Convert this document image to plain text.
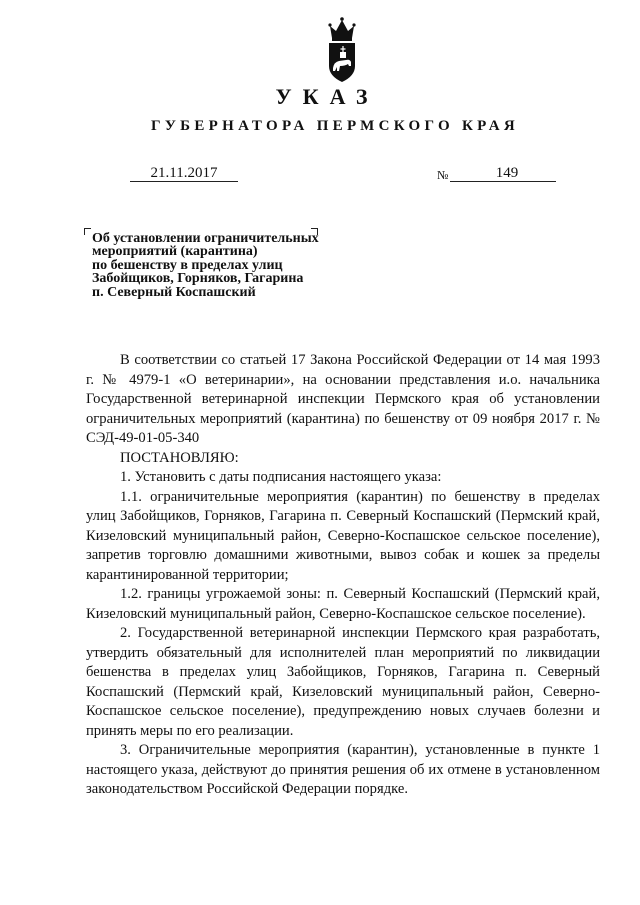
УКАЗ
ГУБЕРНАТОРА ПЕРМСКОГО КРАЯ
21.11.2017	№	149
Об установлении ограничительных
мероприятий (карантина)
по бешенству в пределах улиц
Забойщиков, Горняков, Гагарина
п. Северный Коспашский

В соответствии со статьей 17 Закона Российской Федерации от 14 мая 1993 г. № 4979-1 «О ветеринарии», на основании представления и.о. начальника Государственной ветеринарной инспекции Пермского края об установлении ограничительных мероприятий (карантина) по бешенству от 09 ноября 2017 г. № СЭД-49-01-05-340

ПОСТАНОВЛЯЮ:

1. Установить с даты подписания настоящего указа:

1.1. ограничительные мероприятия (карантин) по бешенству в пределах улиц Забойщиков, Горняков, Гагарина п. Северный Коспашский (Пермский край, Кизеловский муниципальный район, Северно-Коспашское сельское поселение), запретив торговлю домашними животными, вывоз собак и кошек за пределы карантинированной территории;

1.2. границы угрожаемой зоны: п. Северный Коспашский (Пермский край, Кизеловский муниципальный район, Северно-Коспашское сельское поселение).

2. Государственной ветеринарной инспекции Пермского края разработать, утвердить обязательный для исполнителей план мероприятий по ликвидации бешенства в пределах улиц Забойщиков, Горняков, Гагарина п. Северный Коспашский (Пермский край, Кизеловский муниципальный район, Северно-Коспашское сельское поселение), предупреждению новых случаев болезни и принять меры по его реализации.

3. Ограничительные мероприятия (карантин), установленные в пункте 1 настоящего указа, действуют до принятия решения об их отмене в установленном законодательством Российской Федерации порядке.
